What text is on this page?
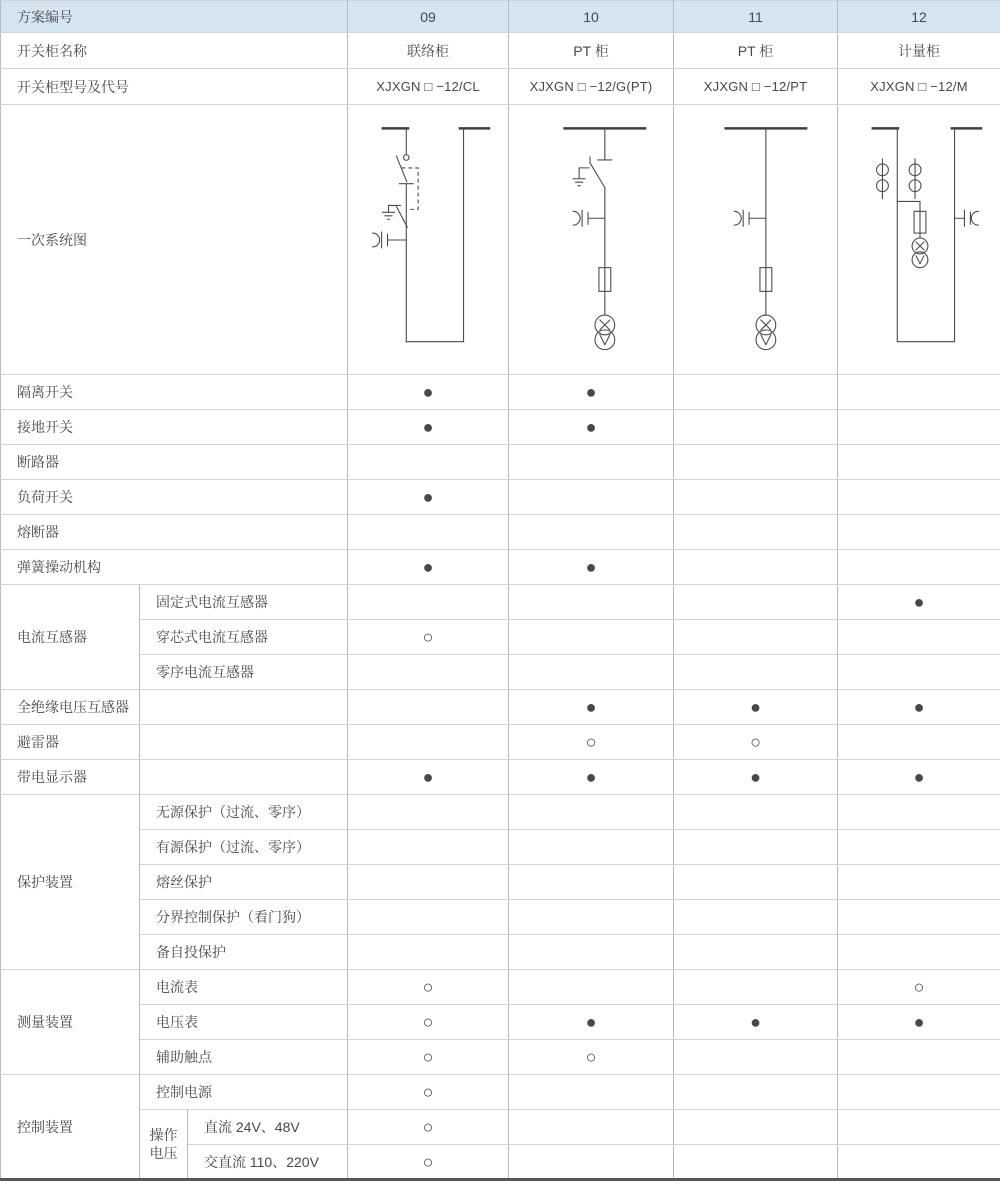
方案编号			09	10	11	12
开关柜名称			联络柜	PT 柜	PT 柜	计量柜
开关柜型号及代号			XJXGN □ −12/CL	XJXGN □ −12/G(PT)	XJXGN □ −12/PT	XJXGN □ −12/M
一次系统图	

隔离开关			●	●		
接地开关			●	●		
断路器						
负荷开关			●			
熔断器						
弹簧操动机构			●	●		
电流互感器	固定式电流互感器					●
	穿芯式电流互感器		○			
	零序电流互感器					
全绝缘电压互感器				●	●	●
避雷器				○	○	
带电显示器			●	●	●	●
保护装置	无源保护（过流、零序）					
	有源保护（过流、零序）					
	熔丝保护					
	分界控制保护（看门狗）					
	备自投保护					
测量装置	电流表		○			○
	电压表		○	●	●	●
	辅助触点		○	○		
控制装置	控制电源		○			
	操作电压	直流 24V、48V	○			
		交直流 110、220V	○			
